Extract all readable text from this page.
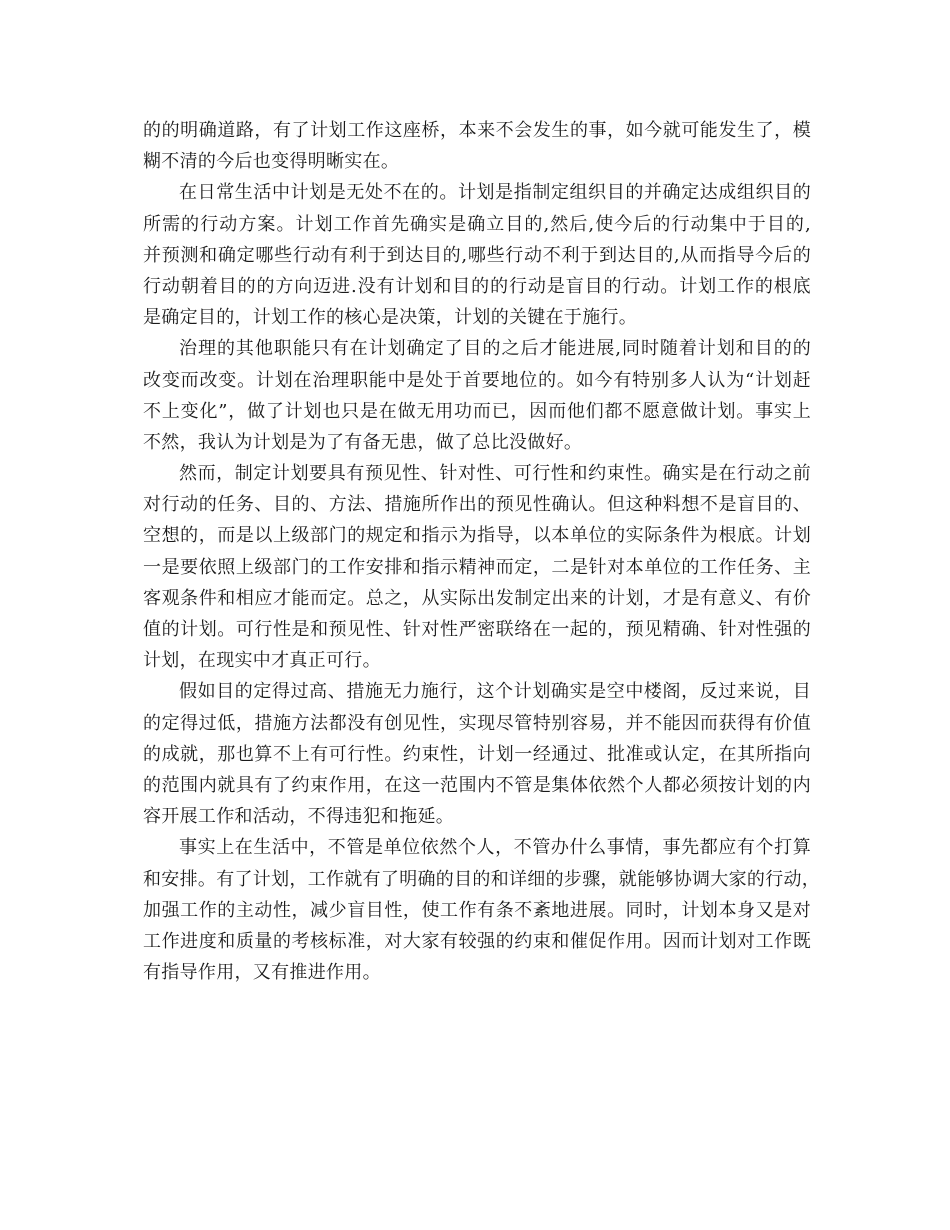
的的明确道路，有了计划工作这座桥，本来不会发生的事，如今就可能发生了，模
糊不清的今后也变得明晰实在。
在日常生活中计划是无处不在的。计划是指制定组织目的并确定达成组织目的
所需的行动方案。计划工作首先确实是确立目的,然后,使今后的行动集中于目的,
并预测和确定哪些行动有利于到达目的,哪些行动不利于到达目的,从而指导今后的
行动朝着目的的方向迈进.没有计划和目的的行动是盲目的行动。计划工作的根底
是确定目的，计划工作的核心是决策，计划的关键在于施行。
治理的其他职能只有在计划确定了目的之后才能进展,同时随着计划和目的的
改变而改变。计划在治理职能中是处于首要地位的。如今有特别多人认为“计划赶
不上变化”，做了计划也只是在做无用功而已，因而他们都不愿意做计划。事实上
不然，我认为计划是为了有备无患，做了总比没做好。
然而，制定计划要具有预见性、针对性、可行性和约束性。确实是在行动之前
对行动的任务、目的、方法、措施所作出的预见性确认。但这种料想不是盲目的、
空想的，而是以上级部门的规定和指示为指导，以本单位的实际条件为根底。计划
一是要依照上级部门的工作安排和指示精神而定，二是针对本单位的工作任务、主
客观条件和相应才能而定。总之，从实际出发制定出来的计划，才是有意义、有价
值的计划。可行性是和预见性、针对性严密联络在一起的，预见精确、针对性强的
计划，在现实中才真正可行。
假如目的定得过高、措施无力施行，这个计划确实是空中楼阁，反过来说，目
的定得过低，措施方法都没有创见性，实现尽管特别容易，并不能因而获得有价值
的成就，那也算不上有可行性。约束性，计划一经通过、批准或认定，在其所指向
的范围内就具有了约束作用，在这一范围内不管是集体依然个人都必须按计划的内
容开展工作和活动，不得违犯和拖延。
事实上在生活中，不管是单位依然个人，不管办什么事情，事先都应有个打算
和安排。有了计划，工作就有了明确的目的和详细的步骤，就能够协调大家的行动，
加强工作的主动性，减少盲目性，使工作有条不紊地进展。同时，计划本身又是对
工作进度和质量的考核标准，对大家有较强的约束和催促作用。因而计划对工作既
有指导作用，又有推进作用。
